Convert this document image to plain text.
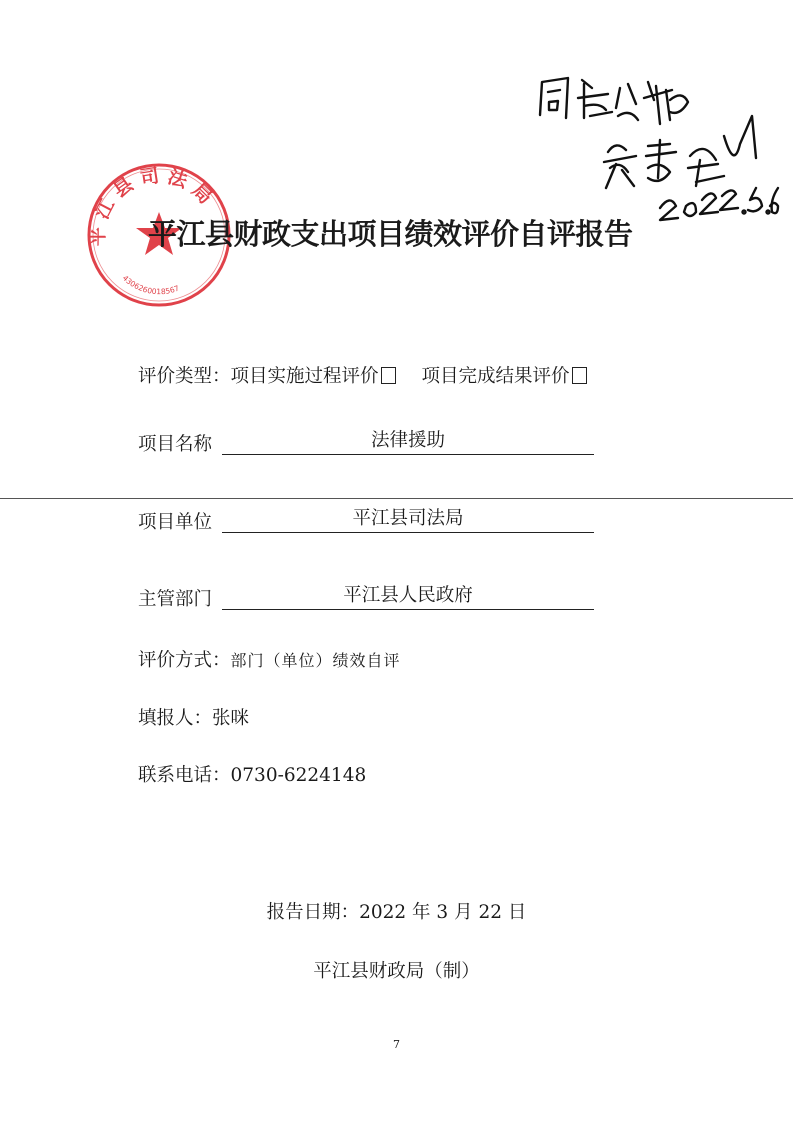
平 江 县 司 法 局
4306260018567
平江县财政支出项目绩效评价自评报告
评价类型：项目实施过程评价 项目完成结果评价
项目名称	法律援助
项目单位	平江县司法局
主管部门	平江县人民政府
评价方式：部门（单位）绩效自评
填报人：张咪
联系电话：0730-6224148
报告日期：2022 年 3 月 22 日
平江县财政局（制）
7
